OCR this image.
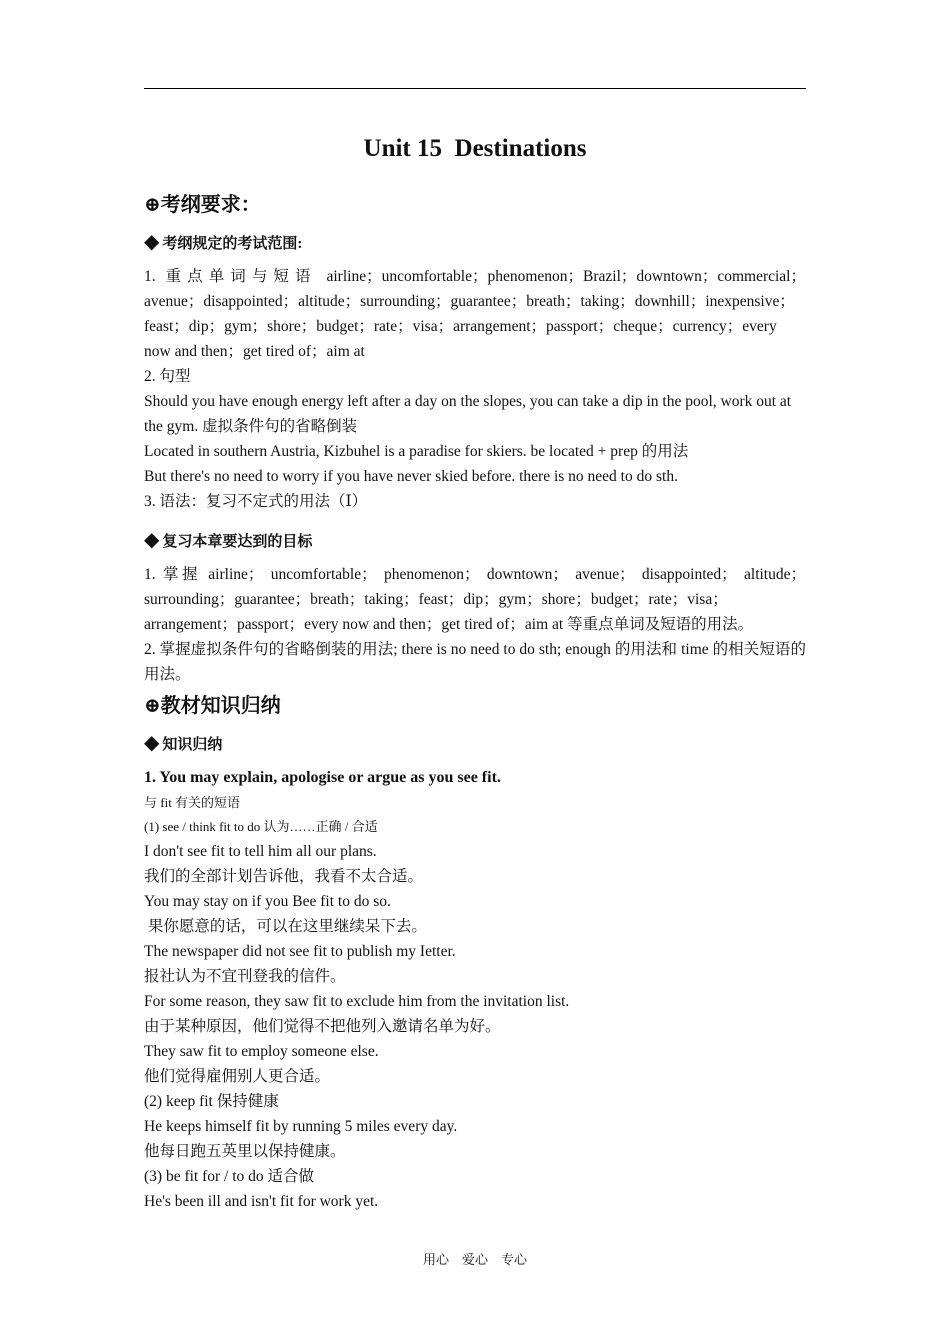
Unit 15  Destinations
⊕考纲要求：
◆ 考纲规定的考试范围:

1. 重点单词与短语 airline；uncomfortable；phenomenon；Brazil；downtown；commercial；avenue；disappointed；altitude；surrounding；guarantee；breath；taking；downhill；inexpensive；feast；dip；gym；shore；budget；rate；visa；arrangement；passport；cheque；currency；every now and then；get tired of；aim at

2. 句型

Should you have enough energy left after a day on the slopes, you can take a dip in the pool, work out at the gym. 虚拟条件句的省略倒装

Located in southern Austria, Kizbuhel is a paradise for skiers. be located + prep 的用法

But there's no need to worry if you have never skied before. there is no need to do sth.

3. 语法：复习不定式的用法（Ⅰ）

◆ 复习本章要达到的目标

1. 掌握 airline； uncomfortable； phenomenon； downtown； avenue； disappointed； altitude；surrounding；guarantee；breath；taking；feast；dip；gym；shore；budget；rate；visa；arrangement；passport；every now and then；get tired of；aim at 等重点单词及短语的用法。

2. 掌握虚拟条件句的省略倒装的用法; there is no need to do sth; enough 的用法和 time 的相关短语的用法。

⊕教材知识归纳
◆ 知识归纳

1. You may explain, apologise or argue as you see fit.

与 fit 有关的短语

(1) see / think fit to do 认为……正确 / 合适

I don't see fit to tell him all our plans.

我们的全部计划告诉他，我看不太合适。

You may stay on if you Bee fit to do so.

果你愿意的话，可以在这里继续呆下去。

The newspaper did not see fit to publish my Ietter.

报社认为不宜刊登我的信件。

For some reason, they saw fit to exclude him from the invitation list.

由于某种原因，他们觉得不把他列入邀请名单为好。

They saw fit to employ someone else.

他们觉得雇佣别人更合适。

(2) keep fit 保持健康

He keeps himself fit by running 5 miles every day.

他每日跑五英里以保持健康。

(3) be fit for / to do 适合做

He's been ill and isn't fit for work yet.

用心    爱心    专心
